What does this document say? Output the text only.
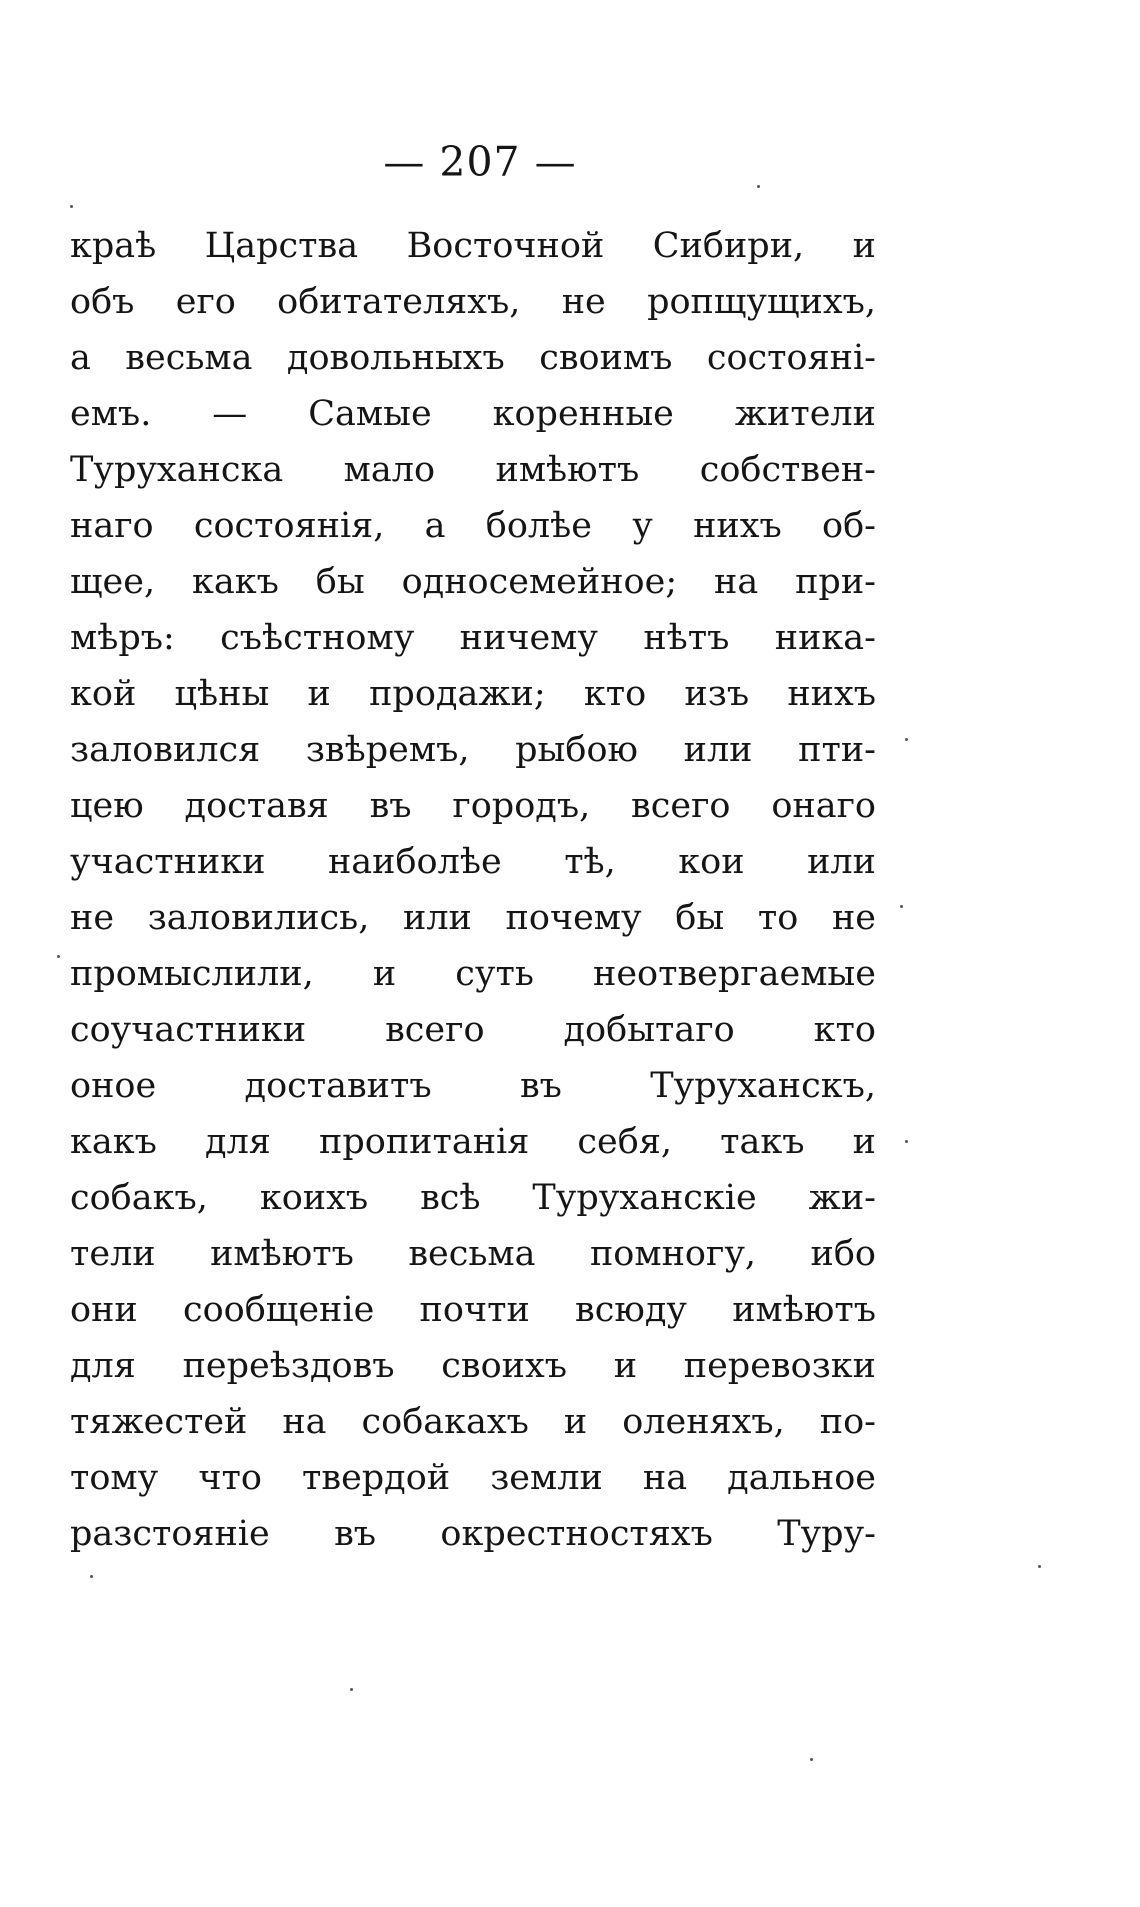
— 207 —
краѣ Царства Восточной Сибири, и
объ его обитателяхъ, не ропщущихъ,
а весьма довольныхъ своимъ состояні-
емъ. — Самые коренные жители
Туруханска мало имѣютъ собствен-
наго состоянія, а болѣе у нихъ об-
щее, какъ бы односемейное; на при-
мѣръ: съѣстному ничему нѣтъ ника-
кой цѣны и продажи; кто изъ нихъ
заловился звѣремъ, рыбою или пти-
цею доставя въ городъ, всего онаго
участники наиболѣе тѣ, кои или
не заловились, или почему бы то не
промыслили, и суть неотвергаемые
соучастники всего добытаго кто
оное доставитъ въ Туруханскъ,
какъ для пропитанія себя, такъ и
собакъ, коихъ всѣ Туруханскіе жи-
тели имѣютъ весьма помногу, ибо
они сообщеніе почти всюду имѣютъ
для переѣздовъ своихъ и перевозки
тяжестей на собакахъ и оленяхъ, по-
тому что твердой земли на дальное
разстояніе въ окрестностяхъ Туру-
